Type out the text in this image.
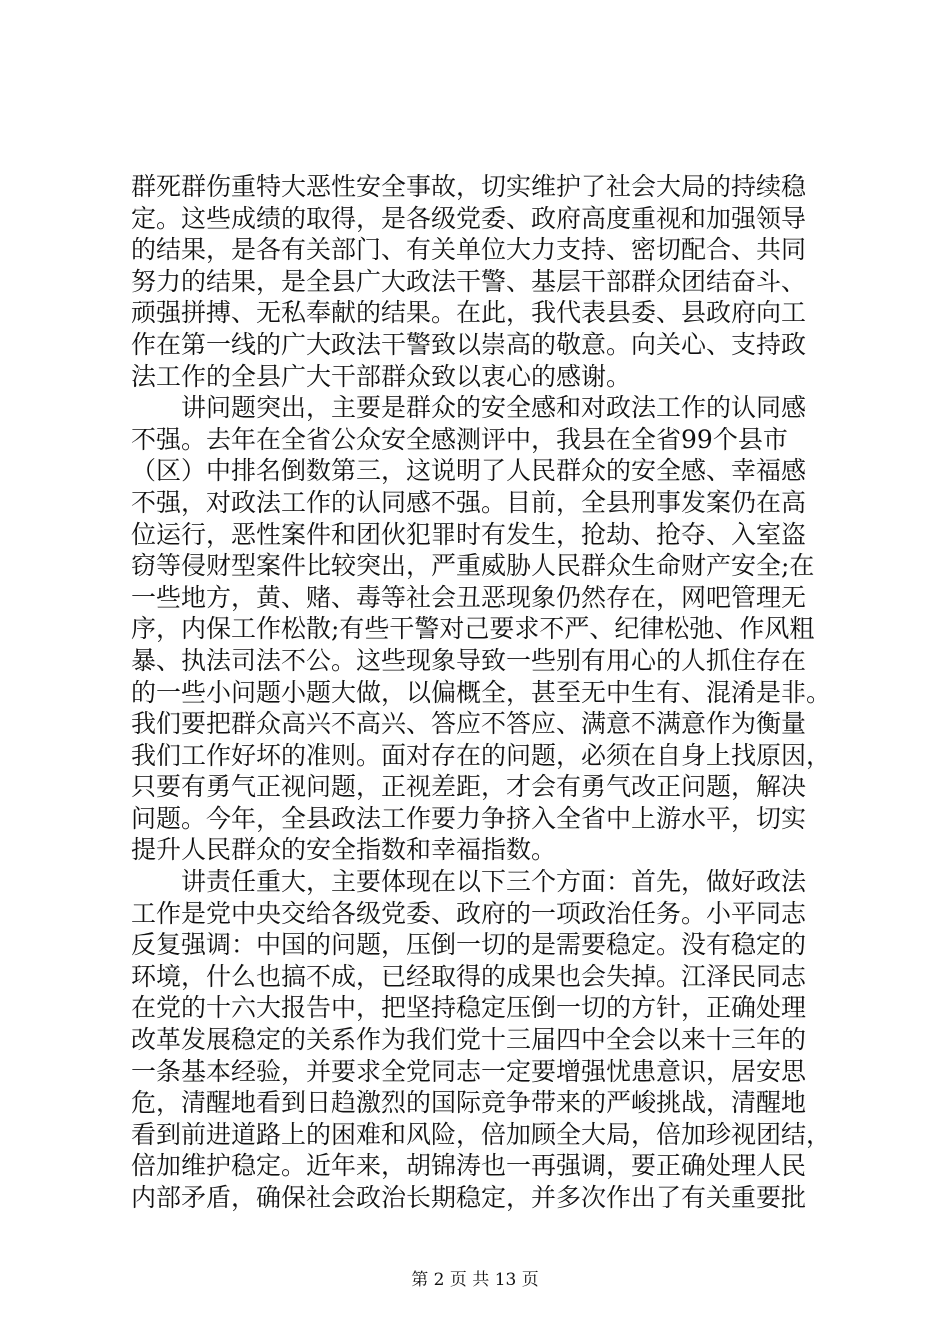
群死群伤重特大恶性安全事故，切实维护了社会大局的持续稳
定。这些成绩的取得，是各级党委、政府高度重视和加强领导
的结果，是各有关部门、有关单位大力支持、密切配合、共同
努力的结果，是全县广大政法干警、基层干部群众团结奋斗、
顽强拼搏、无私奉献的结果。在此，我代表县委、县政府向工
作在第一线的广大政法干警致以崇高的敬意。向关心、支持政
法工作的全县广大干部群众致以衷心的感谢。
　　讲问题突出，主要是群众的安全感和对政法工作的认同感
不强。去年在全省公众安全感测评中，我县在全省99个县市
（区）中排名倒数第三，这说明了人民群众的安全感、幸福感
不强，对政法工作的认同感不强。目前，全县刑事发案仍在高
位运行，恶性案件和团伙犯罪时有发生，抢劫、抢夺、入室盗
窃等侵财型案件比较突出，严重威胁人民群众生命财产安全;在
一些地方，黄、赌、毒等社会丑恶现象仍然存在，网吧管理无
序，内保工作松散;有些干警对己要求不严、纪律松弛、作风粗
暴、执法司法不公。这些现象导致一些别有用心的人抓住存在
的一些小问题小题大做，以偏概全，甚至无中生有、混淆是非。
我们要把群众高兴不高兴、答应不答应、满意不满意作为衡量
我们工作好坏的准则。面对存在的问题，必须在自身上找原因，
只要有勇气正视问题，正视差距，才会有勇气改正问题，解决
问题。今年，全县政法工作要力争挤入全省中上游水平，切实
提升人民群众的安全指数和幸福指数。
　　讲责任重大，主要体现在以下三个方面：首先，做好政法
工作是党中央交给各级党委、政府的一项政治任务。小平同志
反复强调：中国的问题，压倒一切的是需要稳定。没有稳定的
环境，什么也搞不成，已经取得的成果也会失掉。江泽民同志
在党的十六大报告中，把坚持稳定压倒一切的方针，正确处理
改革发展稳定的关系作为我们党十三届四中全会以来十三年的
一条基本经验，并要求全党同志一定要增强忧患意识，居安思
危，清醒地看到日趋激烈的国际竞争带来的严峻挑战，清醒地
看到前进道路上的困难和风险，倍加顾全大局，倍加珍视团结，
倍加维护稳定。近年来，胡锦涛也一再强调，要正确处理人民
内部矛盾，确保社会政治长期稳定，并多次作出了有关重要批
第 2 页 共 13 页
